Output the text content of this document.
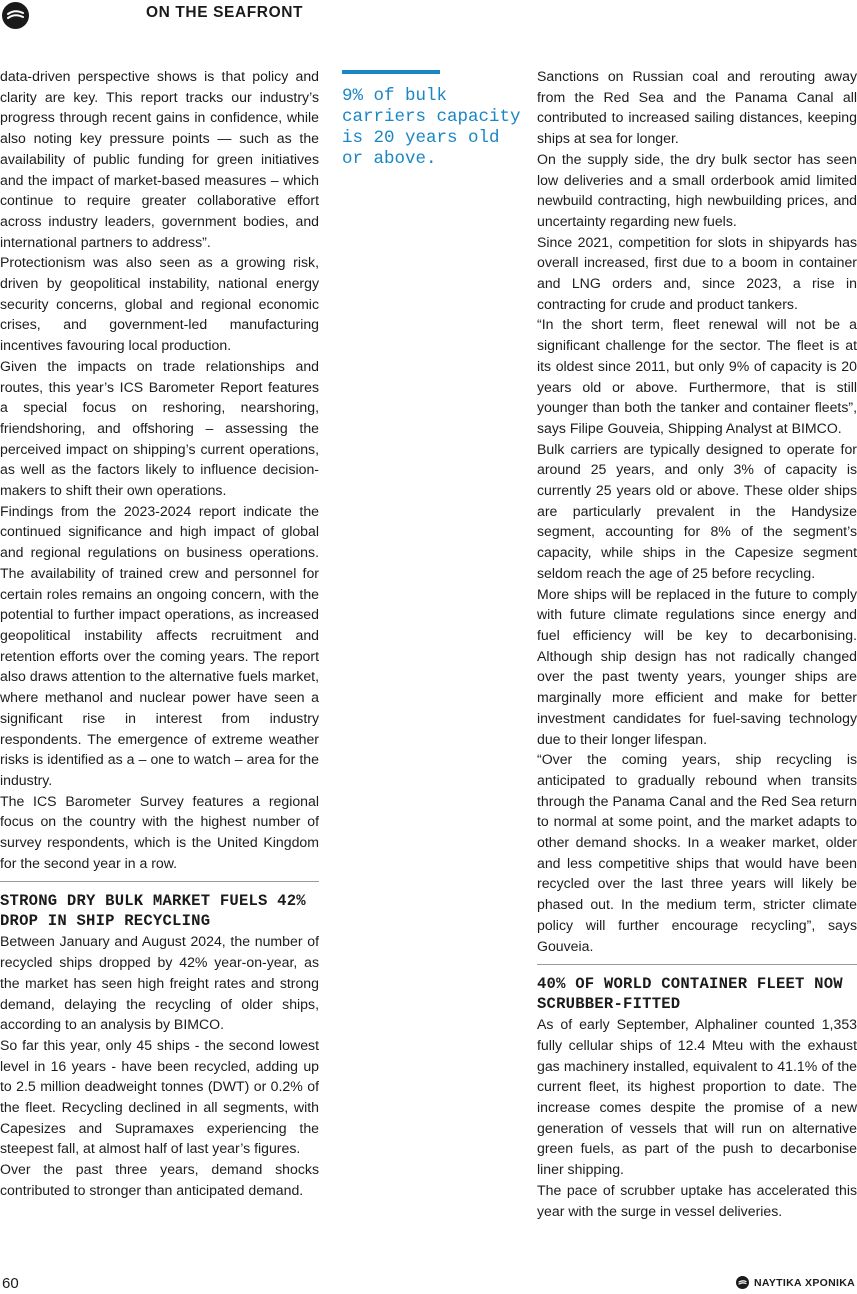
ON THE SEAFRONT

data-driven perspective shows is that policy and clarity are key. This report tracks our industry’s progress through recent gains in confidence, while also noting key pressure points — such as the availability of public funding for green initiatives and the impact of market-based measures – which continue to require greater collaborative effort across industry leaders, government bodies, and international partners to address”.

Protectionism was also seen as a growing risk, driven by geopolitical instability, national energy security concerns, global and regional economic crises, and government-led manufacturing incentives favouring local production.

Given the impacts on trade relationships and routes, this year’s ICS Barometer Report features a special focus on reshoring, nearshoring, friendshoring, and offshoring – assessing the perceived impact on shipping’s current operations, as well as the factors likely to influence decision-makers to shift their own operations.

Findings from the 2023-2024 report indicate the continued significance and high impact of global and regional regulations on business operations. The availability of trained crew and personnel for certain roles remains an ongoing concern, with the potential to further impact operations, as increased geopolitical instability affects recruitment and retention efforts over the coming years. The report also draws attention to the alternative fuels market, where methanol and nuclear power have seen a significant rise in interest from industry respondents. The emergence of extreme weather risks is identified as a – one to watch – area for the industry.

The ICS Barometer Survey features a regional focus on the country with the highest number of survey respondents, which is the United Kingdom for the second year in a row.

STRONG DRY BULK MARKET FUELS 42% DROP IN SHIP RECYCLING

Between January and August 2024, the number of recycled ships dropped by 42% year-on-year, as the market has seen high freight rates and strong demand, delaying the recycling of older ships, according to an analysis by BIMCO.

So far this year, only 45 ships - the second lowest level in 16 years - have been recycled, adding up to 2.5 million deadweight tonnes (DWT) or 0.2% of the fleet. Recycling declined in all segments, with Capesizes and Supramaxes experiencing the steepest fall, at almost half of last year’s figures.

Over the past three years, demand shocks contributed to stronger than anticipated demand.

9% of bulk carriers capacity is 20 years old or above.

Sanctions on Russian coal and rerouting away from the Red Sea and the Panama Canal all contributed to increased sailing distances, keeping ships at sea for longer.

On the supply side, the dry bulk sector has seen low deliveries and a small orderbook amid limited newbuild contracting, high newbuilding prices, and uncertainty regarding new fuels.

Since 2021, competition for slots in shipyards has overall increased, first due to a boom in container and LNG orders and, since 2023, a rise in contracting for crude and product tankers.

“In the short term, fleet renewal will not be a significant challenge for the sector. The fleet is at its oldest since 2011, but only 9% of capacity is 20 years old or above. Furthermore, that is still younger than both the tanker and container fleets”, says Filipe Gouveia, Shipping Analyst at BIMCO.

Bulk carriers are typically designed to operate for around 25 years, and only 3% of capacity is currently 25 years old or above. These older ships are particularly prevalent in the Handysize segment, accounting for 8% of the segment’s capacity, while ships in the Capesize segment seldom reach the age of 25 before recycling.

More ships will be replaced in the future to comply with future climate regulations since energy and fuel efficiency will be key to decarbonising. Although ship design has not radically changed over the past twenty years, younger ships are marginally more efficient and make for better investment candidates for fuel-saving technology due to their longer lifespan.

“Over the coming years, ship recycling is anticipated to gradually rebound when transits through the Panama Canal and the Red Sea return to normal at some point, and the market adapts to other demand shocks. In a weaker market, older and less competitive ships that would have been recycled over the last three years will likely be phased out. In the medium term, stricter climate policy will further encourage recycling”, says Gouveia.

40% OF WORLD CONTAINER FLEET NOW SCRUBBER-FITTED

As of early September, Alphaliner counted 1,353 fully cellular ships of 12.4 Mteu with the exhaust gas machinery installed, equivalent to 41.1% of the current fleet, its highest proportion to date. The increase comes despite the promise of a new generation of vessels that will run on alternative green fuels, as part of the push to decarbonise liner shipping.

The pace of scrubber uptake has accelerated this year with the surge in vessel deliveries.

60	ΝΑΥΤΙΚΑ ΧΡΟΝΙΚΑ
